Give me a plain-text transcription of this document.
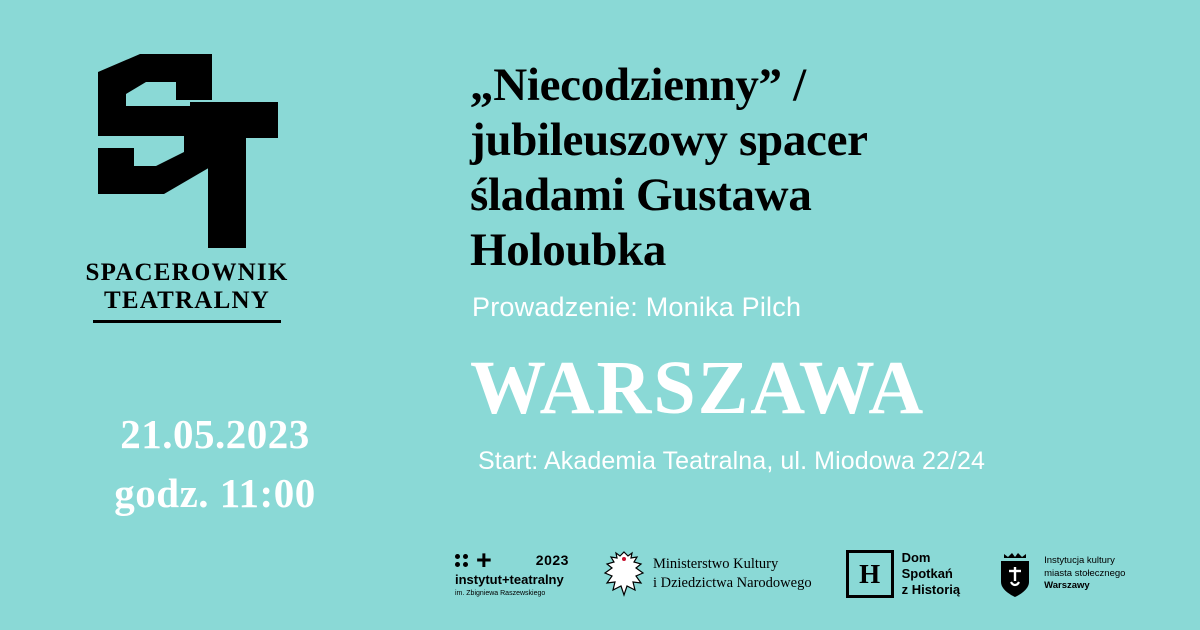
SPACEROWNIK
TEATRALNY
21.05.2023
godz. 11:00
„Niecodzienny” /
jubileuszowy spacer
śladami Gustawa
Holoubka
Prowadzenie: Monika Pilch
WARSZAWA
Start: Akademia Teatralna, ul. Miodowa 22/24
+	2023
instytut+teatralny
im. Zbigniewa Raszewskiego
Ministerstwo Kultury
i Dziedzictwa Narodowego	H
Dom
Spotkań
z Historią
Instytucja kultury
miasta stołecznego
Warszawy
